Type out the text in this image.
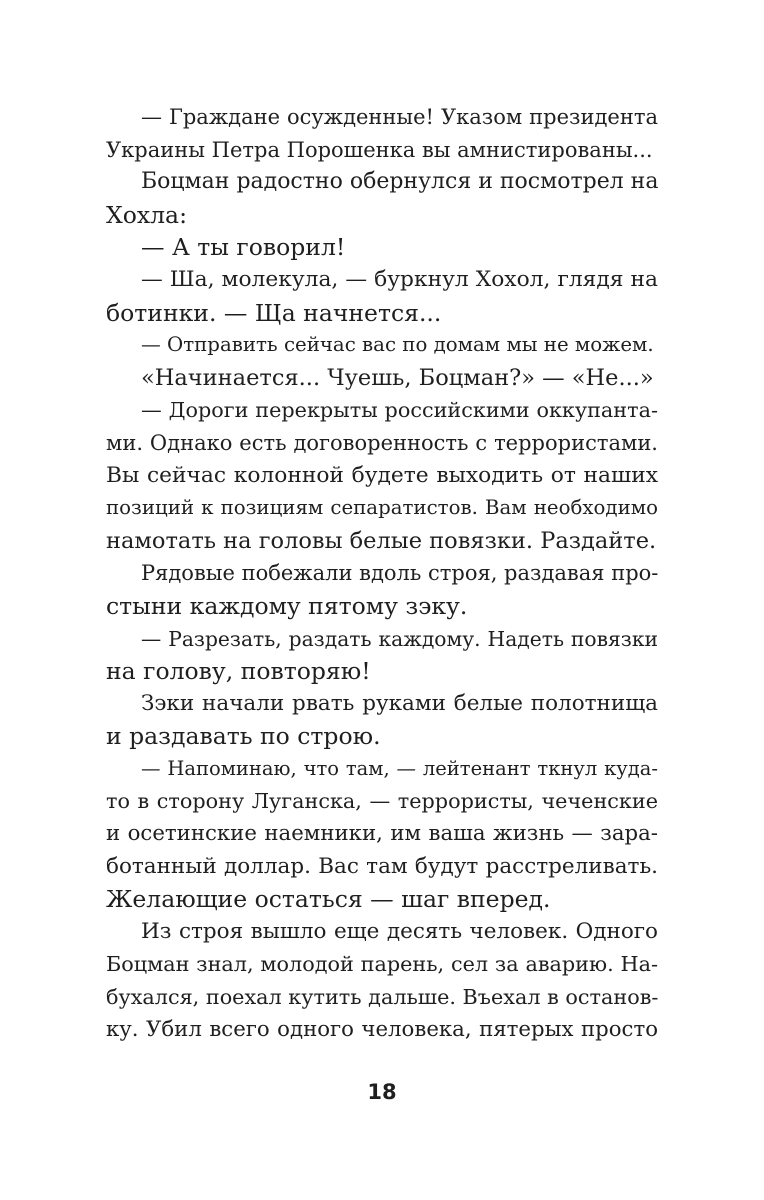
— Граждане осужденные! Указом президента
Украины Петра Порошенка вы амнистированы...
Боцман радостно обернулся и посмотрел на
Хохла:
— А ты говорил!
— Ша, молекула, — буркнул Хохол, глядя на
ботинки. — Ща начнется...
— Отправить сейчас вас по домам мы не можем.
«Начинается... Чуешь, Боцман?» — «Не...»
— Дороги перекрыты российскими оккупанта-
ми. Однако есть договоренность с террористами.
Вы сейчас колонной будете выходить от наших
позиций к позициям сепаратистов. Вам необходимо
намотать на головы белые повязки. Раздайте.
Рядовые побежали вдоль строя, раздавая про-
стыни каждому пятому зэку.
— Разрезать, раздать каждому. Надеть повязки
на голову, повторяю!
Зэки начали рвать руками белые полотнища
и раздавать по строю.
— Напоминаю, что там, — лейтенант ткнул куда-
то в сторону Луганска, — террористы, чеченские
и осетинские наемники, им ваша жизнь — зара-
ботанный доллар. Вас там будут расстреливать.
Желающие остаться — шаг вперед.
Из строя вышло еще десять человек. Одного
Боцман знал, молодой парень, сел за аварию. На-
бухался, поехал кутить дальше. Въехал в останов-
ку. Убил всего одного человека, пятерых просто
18
